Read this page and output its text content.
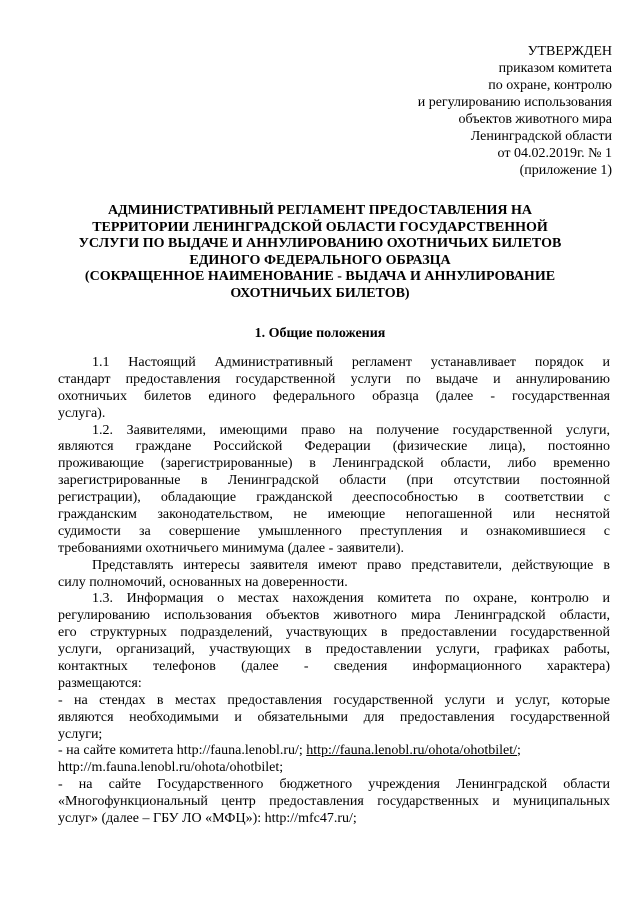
УТВЕРЖДЕН
приказом комитета
по охране, контролю
и регулированию использования
объектов животного мира
Ленинградской области
от 04.02.2019г. № 1
(приложение 1)
АДМИНИСТРАТИВНЫЙ РЕГЛАМЕНТ ПРЕДОСТАВЛЕНИЯ НА
ТЕРРИТОРИИ ЛЕНИНГРАДСКОЙ ОБЛАСТИ ГОСУДАРСТВЕННОЙ
УСЛУГИ ПО ВЫДАЧЕ И АННУЛИРОВАНИЮ ОХОТНИЧЬИХ БИЛЕТОВ
ЕДИНОГО ФЕДЕРАЛЬНОГО ОБРАЗЦА
(СОКРАЩЕННОЕ НАИМЕНОВАНИЕ - ВЫДАЧА И АННУЛИРОВАНИЕ
ОХОТНИЧЬИХ БИЛЕТОВ)
1. Общие положения
1.1 Настоящий Административный регламент устанавливает порядок и
стандарт предоставления государственной услуги по выдаче и аннулированию
охотничьих билетов единого федерального образца (далее - государственная
услуга).
1.2. Заявителями, имеющими право на получение государственной услуги,
являются граждане Российской Федерации (физические лица), постоянно
проживающие (зарегистрированные) в Ленинградской области, либо временно
зарегистрированные в Ленинградской области (при отсутствии постоянной
регистрации), обладающие гражданской дееспособностью в соответствии с
гражданским законодательством, не имеющие непогашенной или неснятой
судимости за совершение умышленного преступления и ознакомившиеся с
требованиями охотничьего минимума (далее - заявители).
Представлять интересы заявителя имеют право представители, действующие в
силу полномочий, основанных на доверенности.
1.3. Информация о местах нахождения комитета по охране, контролю и
регулированию использования объектов животного мира Ленинградской области,
его структурных подразделений, участвующих в предоставлении государственной
услуги, организаций, участвующих в предоставлении услуги, графиках работы,
контактных телефонов (далее - сведения информационного характера)
размещаются:
- на стендах в местах предоставления государственной услуги и услуг, которые
являются необходимыми и обязательными для предоставления государственной
услуги;
- на сайте комитета http://fauna.lenobl.ru/; http://fauna.lenobl.ru/ohota/ohotbilet/;
http://m.fauna.lenobl.ru/ohota/ohotbilet;
- на сайте Государственного бюджетного учреждения Ленинградской области
«Многофункциональный центр предоставления государственных и муниципальных
услуг» (далее – ГБУ ЛО «МФЦ»): http://mfc47.ru/;
